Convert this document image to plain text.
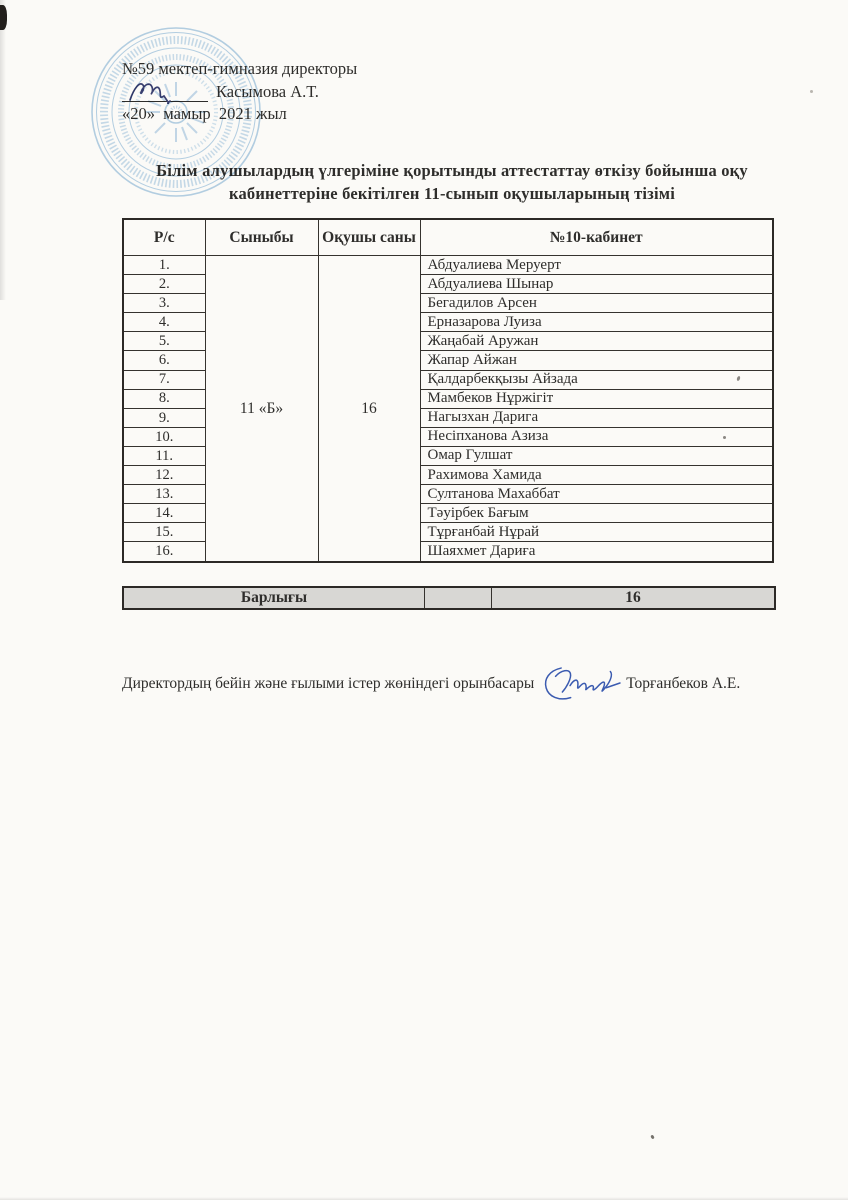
№59 мектеп-гимназия директоры
Касымова А.Т.
«20»  мамыр  2021 жыл
Білім алушылардың үлгеріміне қорытынды аттестаттау өткізу бойынша оқу
кабинеттеріне бекітілген 11-сынып оқушыларының тізімі
Р/с	Сыныбы	Оқушы саны	№10-кабинет
1.	11 «Б»	16	Абдуалиева Меруерт
2.			Абдуалиева Шынар
3.			Бегадилов Арсен
4.			Ерназарова Луиза
5.			Жаңабай Аружан
6.			Жапар Айжан
7.			Қалдарбекқызы Айзада
8.			Мамбеков Нұржігіт
9.			Нагызхан Дарига
10.			Несіпханова Азиза
11.			Омар Гулшат
12.			Рахимова Хамида
13.			Султанова Махаббат
14.			Тәуірбек Бағым
15.			Тұрғанбай Нұрай
16.			Шаяхмет Дариға
Барлығы	16
Директордың бейін және ғылыми істер жөніндегі орынбасары	Торғанбеков А.Е.
